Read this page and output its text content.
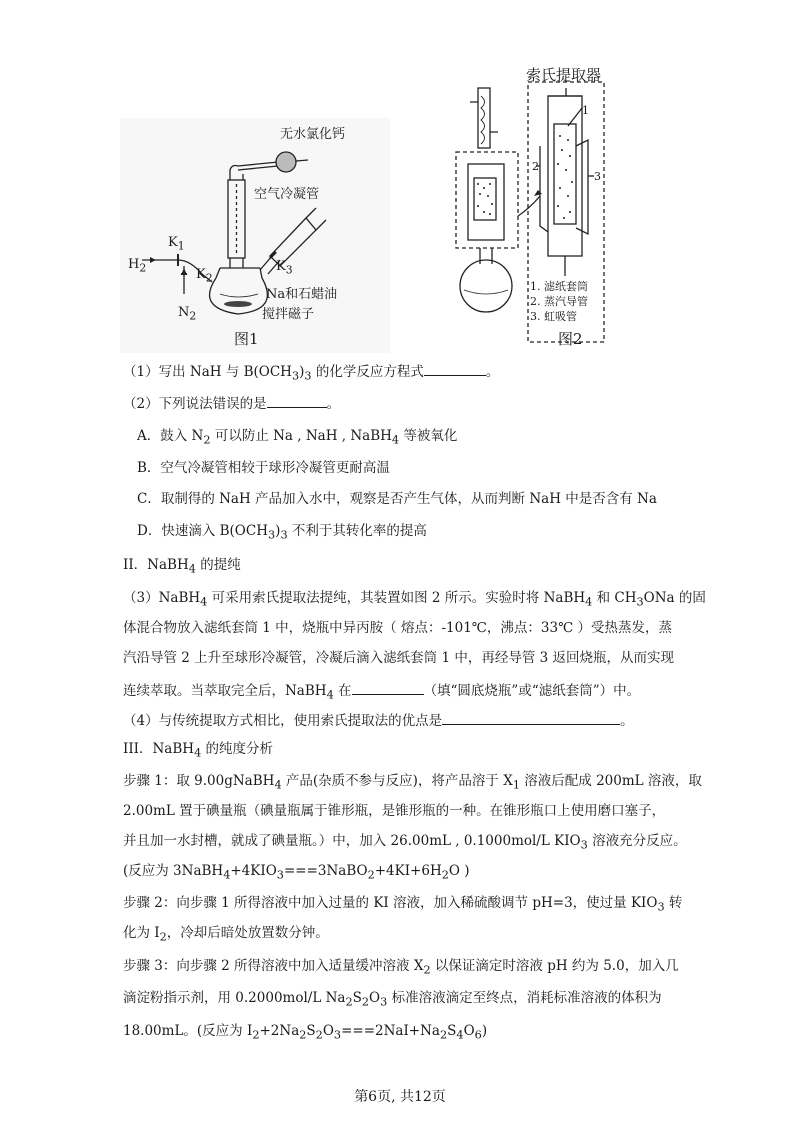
无水氯化钙
空气冷凝管
$H_2$
$K_1$
$K_2$
$K_3$
$N_2$
Na和石蜡油
搅拌磁子
图1
索氏提取器
1
2
3
1. 滤纸套筒
2. 蒸汽导管
3. 虹吸管
图2
（1）写出 NaH 与 $B(OCH_3)_3$ 的化学反应方程式	。
（2）下列说法错误的是	。
A．鼓入 $N_2$ 可以防止 Na , NaH , NaBH$_4$ 等被氧化
B．空气冷凝管相较于球形冷凝管更耐高温
C．取制得的 NaH 产品加入水中，观察是否产生气体，从而判断 NaH 中是否含有 Na
D．快速滴入 $B(OCH_3)_3$ 不利于其转化率的提高
II．NaBH$_4$ 的提纯
（3）NaBH$_4$ 可采用索氏提取法提纯，其装置如图 2 所示。实验时将 NaBH$_4$ 和 $CH_3ONa$ 的固
体混合物放入滤纸套筒 1 中，烧瓶中异丙胺（ 熔点：-101℃，沸点：33℃ ）受热蒸发，蒸
汽沿导管 2 上升至球形冷凝管，冷凝后滴入滤纸套筒 1 中，再经导管 3 返回烧瓶，从而实现
连续萃取。当萃取完全后，NaBH$_4$ 在	（填“圆底烧瓶”或“滤纸套筒”）中。
（4）与传统提取方式相比，使用索氏提取法的优点是	。
III．NaBH$_4$ 的纯度分析
步骤 1：取 9.00gNaBH$_4$ 产品(杂质不参与反应)，将产品溶于 $X_1$ 溶液后配成 200mL 溶液，取
2.00mL 置于碘量瓶（碘量瓶属于锥形瓶，是锥形瓶的一种。在锥形瓶口上使用磨口塞子，
并且加一水封槽，就成了碘量瓶。）中，加入 26.00mL , 0.1000mol/L $KIO_3$ 溶液充分反应。
(反应为 $3NaBH_4+4KIO_3===3NaBO_2+4KI+6H_2O$ )
步骤 2：向步骤 1 所得溶液中加入过量的 KI 溶液，加入稀硫酸调节 pH=3，使过量 $KIO_3$ 转
化为 $I_2$，冷却后暗处放置数分钟。
步骤 3：向步骤 2 所得溶液中加入适量缓冲溶液 $X_2$ 以保证滴定时溶液 pH 约为 5.0，加入几
滴淀粉指示剂，用 0.2000mol/L $Na_2S_2O_3$ 标准溶液滴定至终点，消耗标准溶液的体积为
18.00mL。(反应为 $I_2+2Na_2S_2O_3===2NaI+Na_2S_4O_6$)
第6页, 共12页
